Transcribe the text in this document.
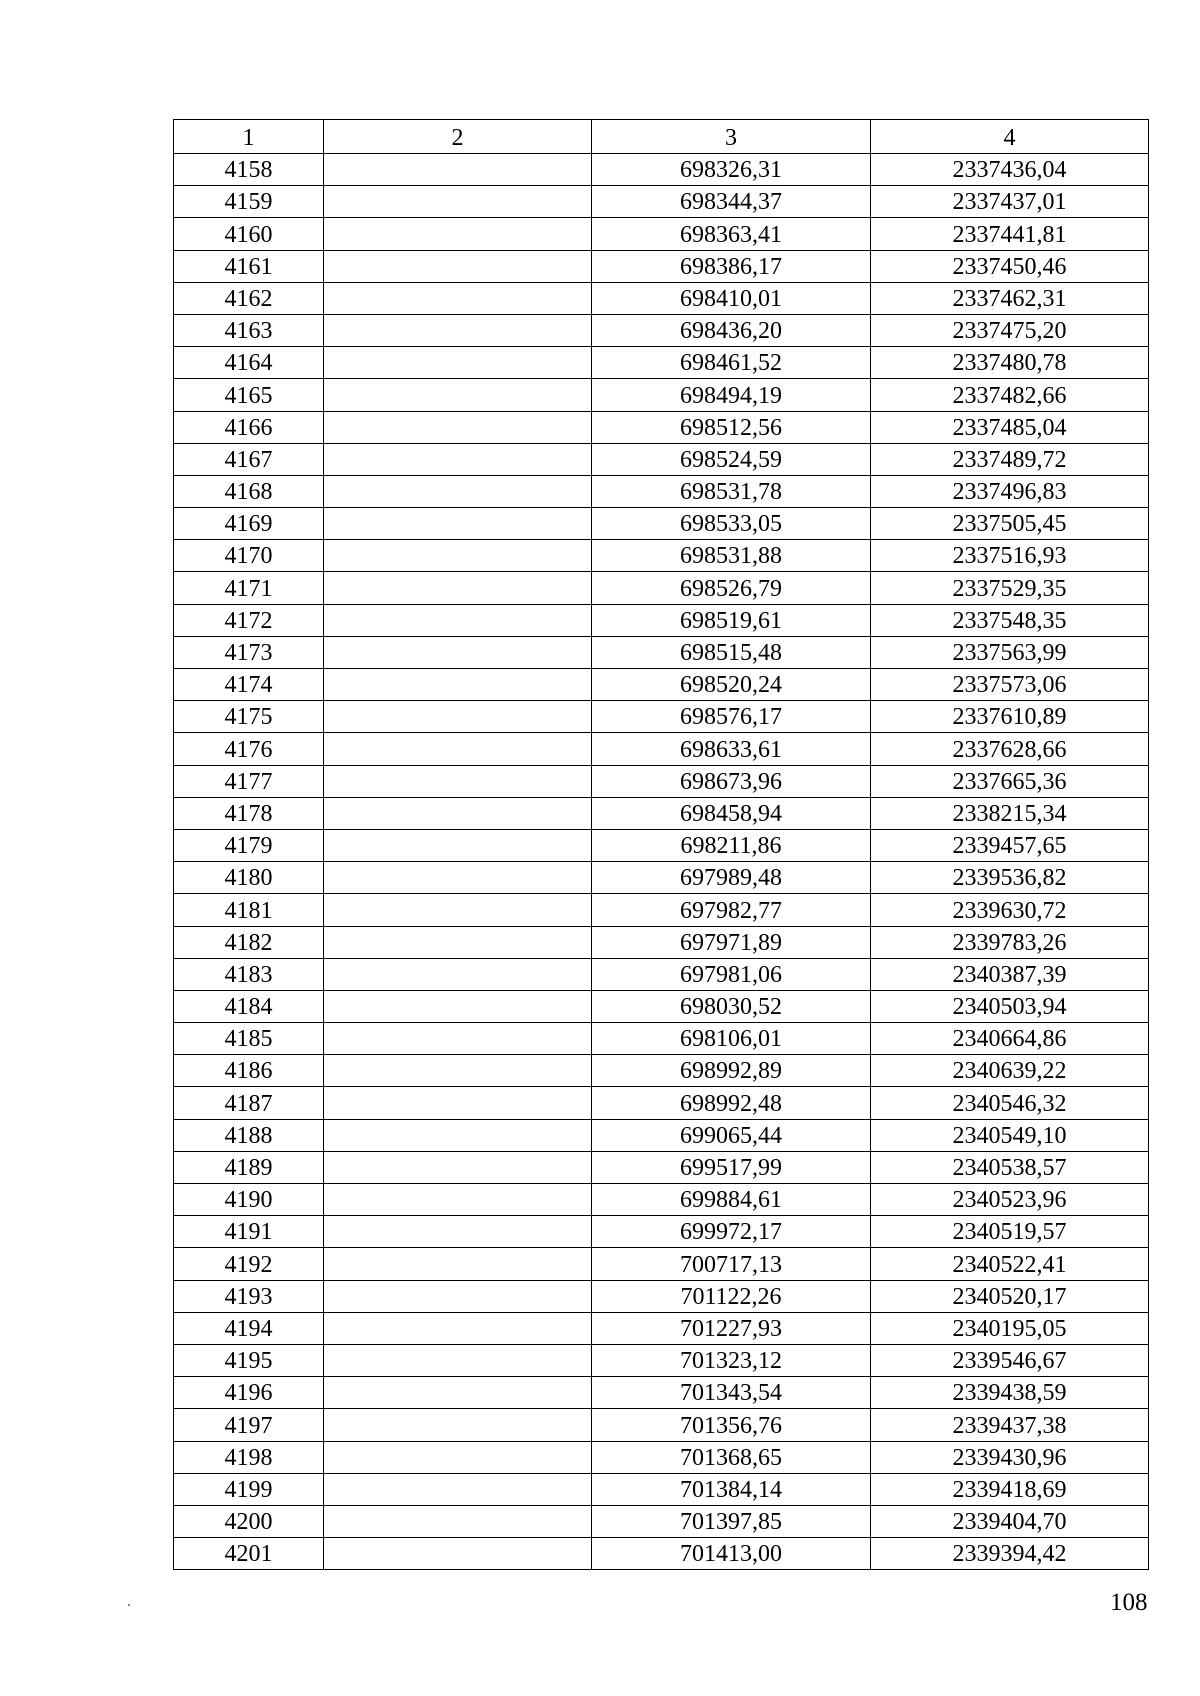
1	2	3	4
4158		698326,31	2337436,04
4159		698344,37	2337437,01
4160		698363,41	2337441,81
4161		698386,17	2337450,46
4162		698410,01	2337462,31
4163		698436,20	2337475,20
4164		698461,52	2337480,78
4165		698494,19	2337482,66
4166		698512,56	2337485,04
4167		698524,59	2337489,72
4168		698531,78	2337496,83
4169		698533,05	2337505,45
4170		698531,88	2337516,93
4171		698526,79	2337529,35
4172		698519,61	2337548,35
4173		698515,48	2337563,99
4174		698520,24	2337573,06
4175		698576,17	2337610,89
4176		698633,61	2337628,66
4177		698673,96	2337665,36
4178		698458,94	2338215,34
4179		698211,86	2339457,65
4180		697989,48	2339536,82
4181		697982,77	2339630,72
4182		697971,89	2339783,26
4183		697981,06	2340387,39
4184		698030,52	2340503,94
4185		698106,01	2340664,86
4186		698992,89	2340639,22
4187		698992,48	2340546,32
4188		699065,44	2340549,10
4189		699517,99	2340538,57
4190		699884,61	2340523,96
4191		699972,17	2340519,57
4192		700717,13	2340522,41
4193		701122,26	2340520,17
4194		701227,93	2340195,05
4195		701323,12	2339546,67
4196		701343,54	2339438,59
4197		701356,76	2339437,38
4198		701368,65	2339430,96
4199		701384,14	2339418,69
4200		701397,85	2339404,70
4201		701413,00	2339394,42
108
